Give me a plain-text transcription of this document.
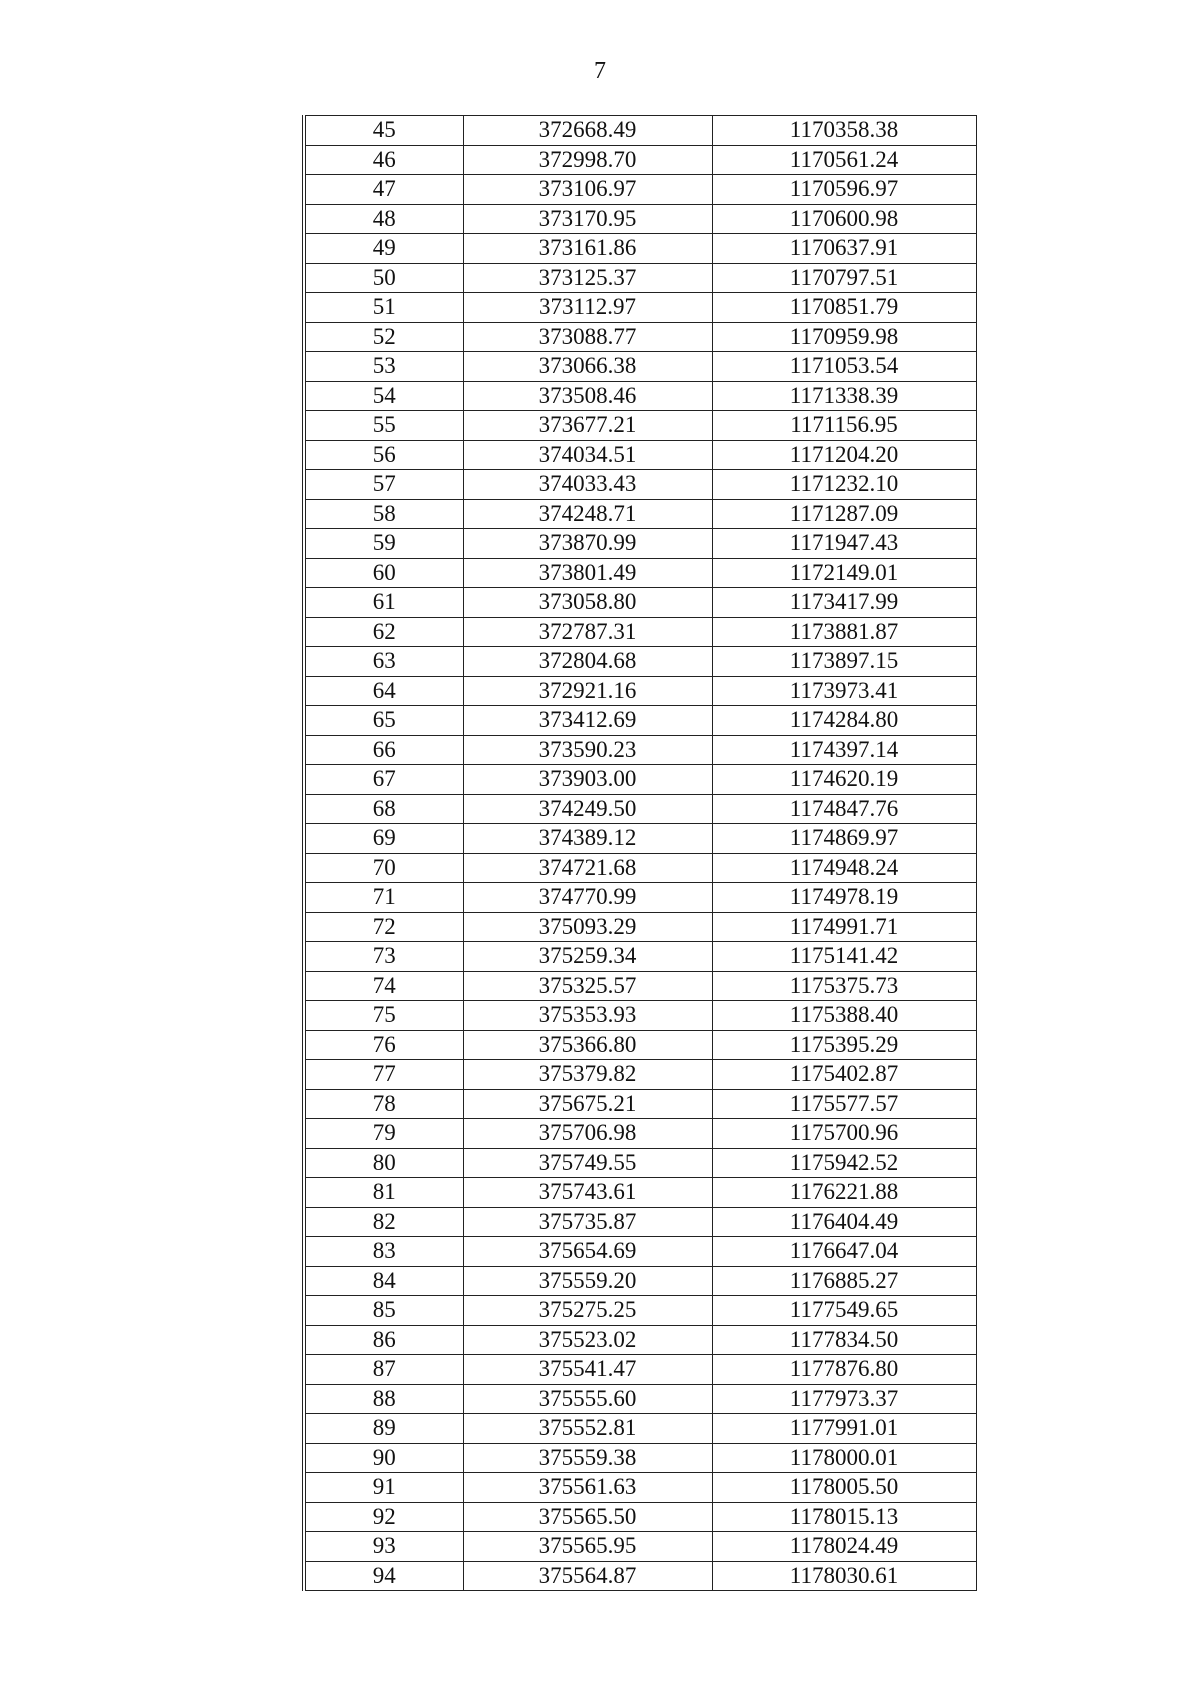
7
45	372668.49	1170358.38
46	372998.70	1170561.24
47	373106.97	1170596.97
48	373170.95	1170600.98
49	373161.86	1170637.91
50	373125.37	1170797.51
51	373112.97	1170851.79
52	373088.77	1170959.98
53	373066.38	1171053.54
54	373508.46	1171338.39
55	373677.21	1171156.95
56	374034.51	1171204.20
57	374033.43	1171232.10
58	374248.71	1171287.09
59	373870.99	1171947.43
60	373801.49	1172149.01
61	373058.80	1173417.99
62	372787.31	1173881.87
63	372804.68	1173897.15
64	372921.16	1173973.41
65	373412.69	1174284.80
66	373590.23	1174397.14
67	373903.00	1174620.19
68	374249.50	1174847.76
69	374389.12	1174869.97
70	374721.68	1174948.24
71	374770.99	1174978.19
72	375093.29	1174991.71
73	375259.34	1175141.42
74	375325.57	1175375.73
75	375353.93	1175388.40
76	375366.80	1175395.29
77	375379.82	1175402.87
78	375675.21	1175577.57
79	375706.98	1175700.96
80	375749.55	1175942.52
81	375743.61	1176221.88
82	375735.87	1176404.49
83	375654.69	1176647.04
84	375559.20	1176885.27
85	375275.25	1177549.65
86	375523.02	1177834.50
87	375541.47	1177876.80
88	375555.60	1177973.37
89	375552.81	1177991.01
90	375559.38	1178000.01
91	375561.63	1178005.50
92	375565.50	1178015.13
93	375565.95	1178024.49
94	375564.87	1178030.61
